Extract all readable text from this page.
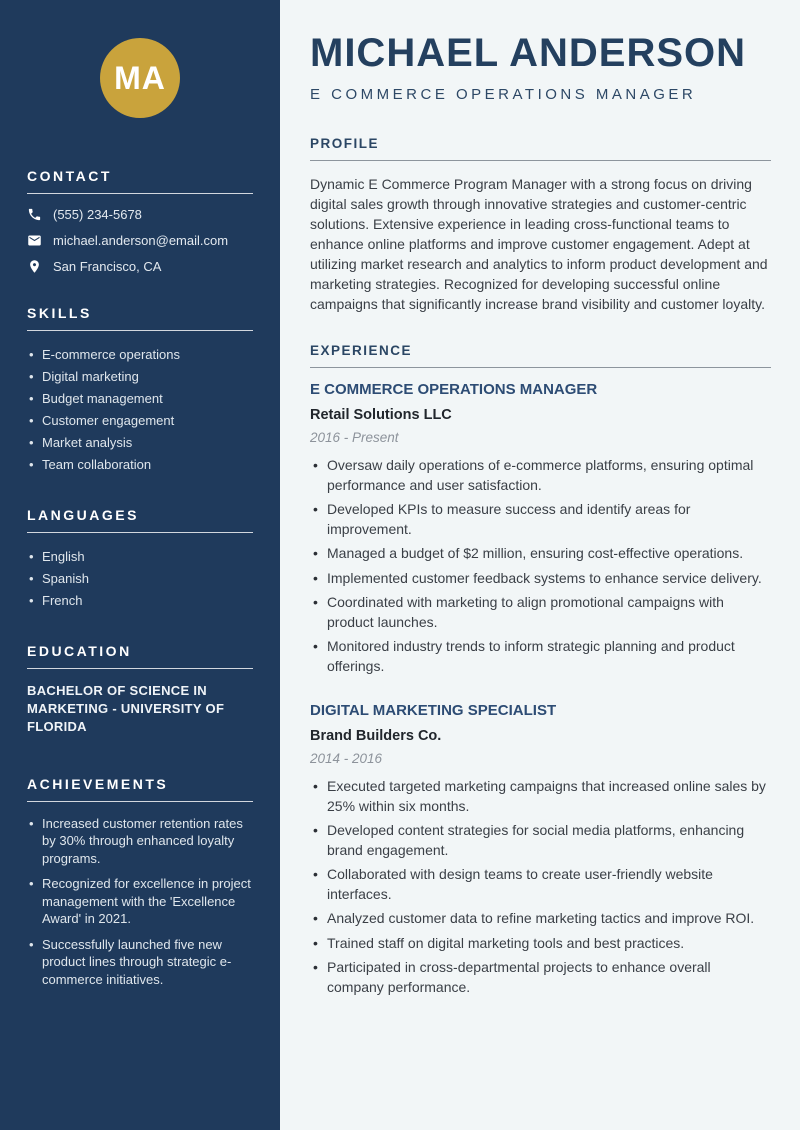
MA
CONTACT
(555) 234-5678
michael.anderson@email.com
San Francisco, CA
SKILLS
• E-commerce operations
• Digital marketing
• Budget management
• Customer engagement
• Market analysis
• Team collaboration
LANGUAGES
• English
• Spanish
• French
EDUCATION
BACHELOR OF SCIENCE IN MARKETING - UNIVERSITY OF FLORIDA
ACHIEVEMENTS
• Increased customer retention rates by 30% through enhanced loyalty programs.
• Recognized for excellence in project management with the 'Excellence Award' in 2021.
• Successfully launched five new product lines through strategic e-commerce initiatives.
MICHAEL ANDERSON
E COMMERCE OPERATIONS MANAGER
PROFILE

Dynamic E Commerce Program Manager with a strong focus on driving digital sales growth through innovative strategies and customer-centric solutions. Extensive experience in leading cross-functional teams to enhance online platforms and improve customer engagement. Adept at utilizing market research and analytics to inform product development and marketing strategies. Recognized for developing successful online campaigns that significantly increase brand visibility and customer loyalty.

EXPERIENCE
E COMMERCE OPERATIONS MANAGER
Retail Solutions LLC
2016 - Present
• Oversaw daily operations of e-commerce platforms, ensuring optimal performance and user satisfaction.
• Developed KPIs to measure success and identify areas for improvement.
• Managed a budget of $2 million, ensuring cost-effective operations.
• Implemented customer feedback systems to enhance service delivery.
• Coordinated with marketing to align promotional campaigns with product launches.
• Monitored industry trends to inform strategic planning and product offerings.
DIGITAL MARKETING SPECIALIST
Brand Builders Co.
2014 - 2016
• Executed targeted marketing campaigns that increased online sales by 25% within six months.
• Developed content strategies for social media platforms, enhancing brand engagement.
• Collaborated with design teams to create user-friendly website interfaces.
• Analyzed customer data to refine marketing tactics and improve ROI.
• Trained staff on digital marketing tools and best practices.
• Participated in cross-departmental projects to enhance overall company performance.
